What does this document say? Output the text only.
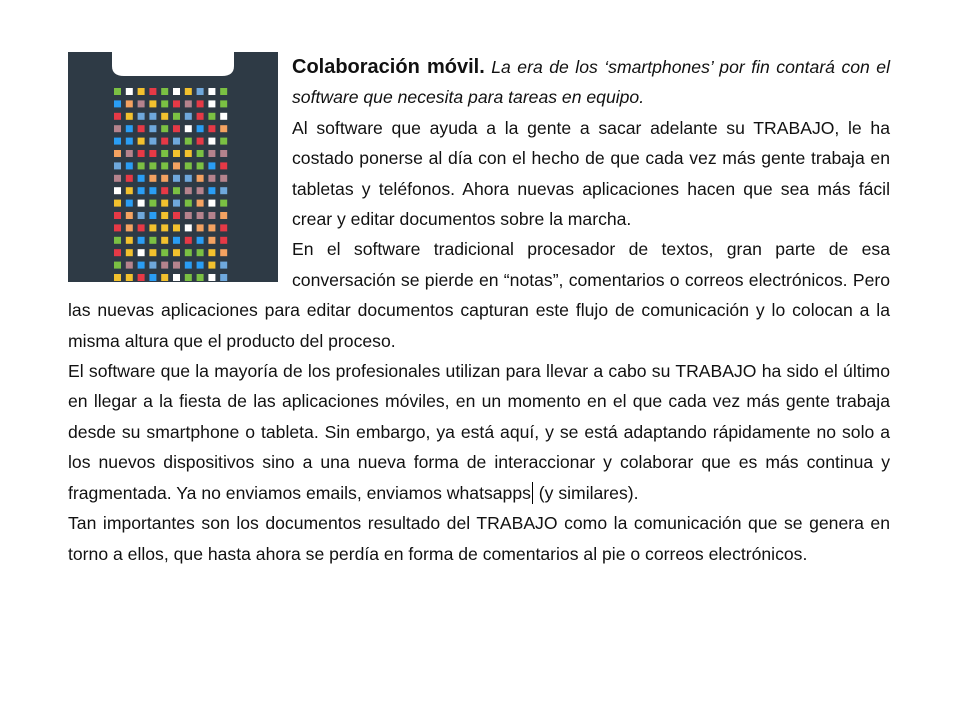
Colaboración móvil. La era de los ‘smartphones’ por fin contará con el software que necesita para tareas en equipo.

Al software que ayuda a la gente a sacar adelante su TRABAJO, le ha costado ponerse al día con el hecho de que cada vez más gente trabaja en tabletas y teléfonos. Ahora nuevas aplicaciones hacen que sea más fácil crear y editar documentos sobre la marcha.

En el software tradicional procesador de textos, gran parte de esa conversación se pierde en “notas”, comentarios o correos electrónicos. Pero las nuevas aplicaciones para editar documentos capturan este flujo de comunicación y lo colocan a la misma altura que el producto del proceso.

El software que la mayoría de los profesionales utilizan para llevar a cabo su TRABAJO ha sido el último en llegar a la fiesta de las aplicaciones móviles, en un momento en el que cada vez más gente trabaja desde su smartphone o tableta. Sin embargo, ya está aquí, y se está adaptando rápidamente no solo a los nuevos dispositivos sino a una nueva forma de interaccionar y colaborar que es más continua y fragmentada. Ya no enviamos emails, enviamos whatsapps (y similares).

Tan importantes son los documentos resultado del TRABAJO como la comunicación que se genera en torno a ellos, que hasta ahora se perdía en forma de comentarios al pie o correos electrónicos.
